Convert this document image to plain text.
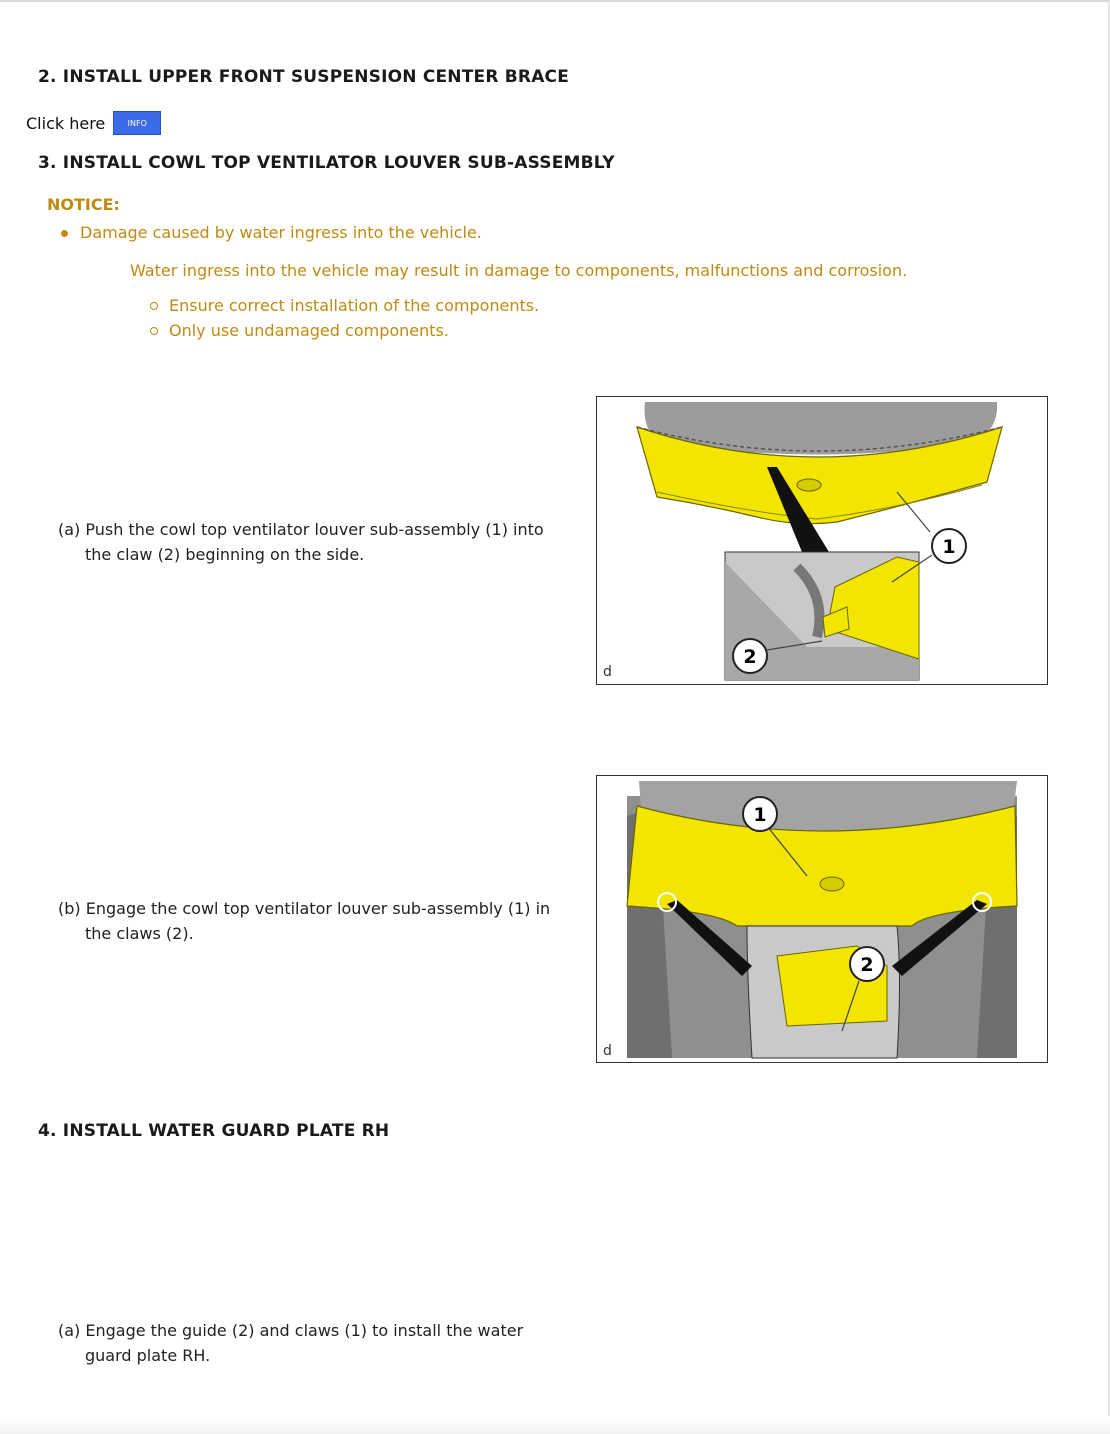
2. INSTALL UPPER FRONT SUSPENSION CENTER BRACE
Click here	INFO
3. INSTALL COWL TOP VENTILATOR LOUVER SUB-ASSEMBLY
NOTICE:
Damage caused by water ingress into the vehicle.
Water ingress into the vehicle may result in damage to components, malfunctions and corrosion.
Ensure correct installation of the components.
Only use undamaged components.
(a) Push the cowl top ventilator louver sub-assembly (1) into
the claw (2) beginning on the side.	1
2
d
(b) Engage the cowl top ventilator louver sub-assembly (1) in
the claws (2).
1
2
d
4. INSTALL WATER GUARD PLATE RH
(a) Engage the guide (2) and claws (1) to install the water
guard plate RH.
